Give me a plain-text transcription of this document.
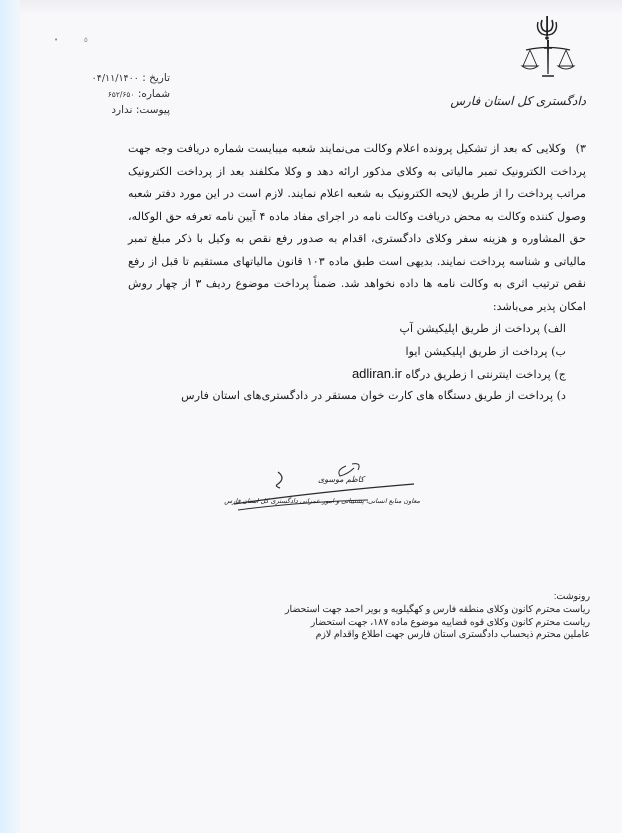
•	٥
دادگستری کل استان فارس
تاریخ : ۰۴/۱۱/۱۴۰۰
شماره: ۶۵۲/۶۵۰
پیوست: ندارد
۳) وکلایی که بعد از تشکیل پرونده اعلام وکالت می‌نمایند شعبه میبایست شماره دریافت وجه جهت پرداخت الکترونیک تمبر مالیاتی به وکلای مذکور ارائه دهد و وکلا مکلفند بعد از پرداخت الکترونیک مراتب پرداخت را از طریق لایحه الکترونیک به شعبه اعلام نمایند. لازم است در این مورد دفتر شعبه وصول کننده وکالت به محض دریافت وکالت نامه در اجرای مفاد ماده ۴ آیین نامه تعرفه حق الوکاله، حق المشاوره و هزینه سفر وکلای دادگستری، اقدام به صدور رفع نقص به وکیل با ذکر مبلغ تمبر مالیاتی و شناسه پرداخت نمایند. بدیهی است طبق ماده ۱۰۳ قانون مالیاتهای مستقیم تا قبل از رفع نقص ترتیب اثری به وکالت نامه ها داده نخواهد شد. ضمناً پرداخت موضوع ردیف ۳ از چهار روش امکان پذیر می‌باشد:
الف) پرداخت از طریق اپلیکیشن آپ
ب) پرداخت از طریق اپلیکیشن ایوا
ج) پرداخت اینترنتی ا زطریق درگاه adliran.ir
د) پرداخت از طریق دستگاه های کارت خوان مستقر در دادگستری‌های استان فارس
کاظم موسوی
معاون منابع انسانی، پشتیبانی و امور عمرانی دادگستری کل استان فارس
رونوشت:
ریاست محترم کانون وکلای منطقه فارس و کهگیلویه و بویر احمد جهت استحضار
ریاست محترم کانون وکلای قوه قضاییه موضوع ماده ۱۸۷، جهت استحضار
عاملین محترم ذیحساب دادگستری استان فارس جهت اطلاع واقدام لازم
